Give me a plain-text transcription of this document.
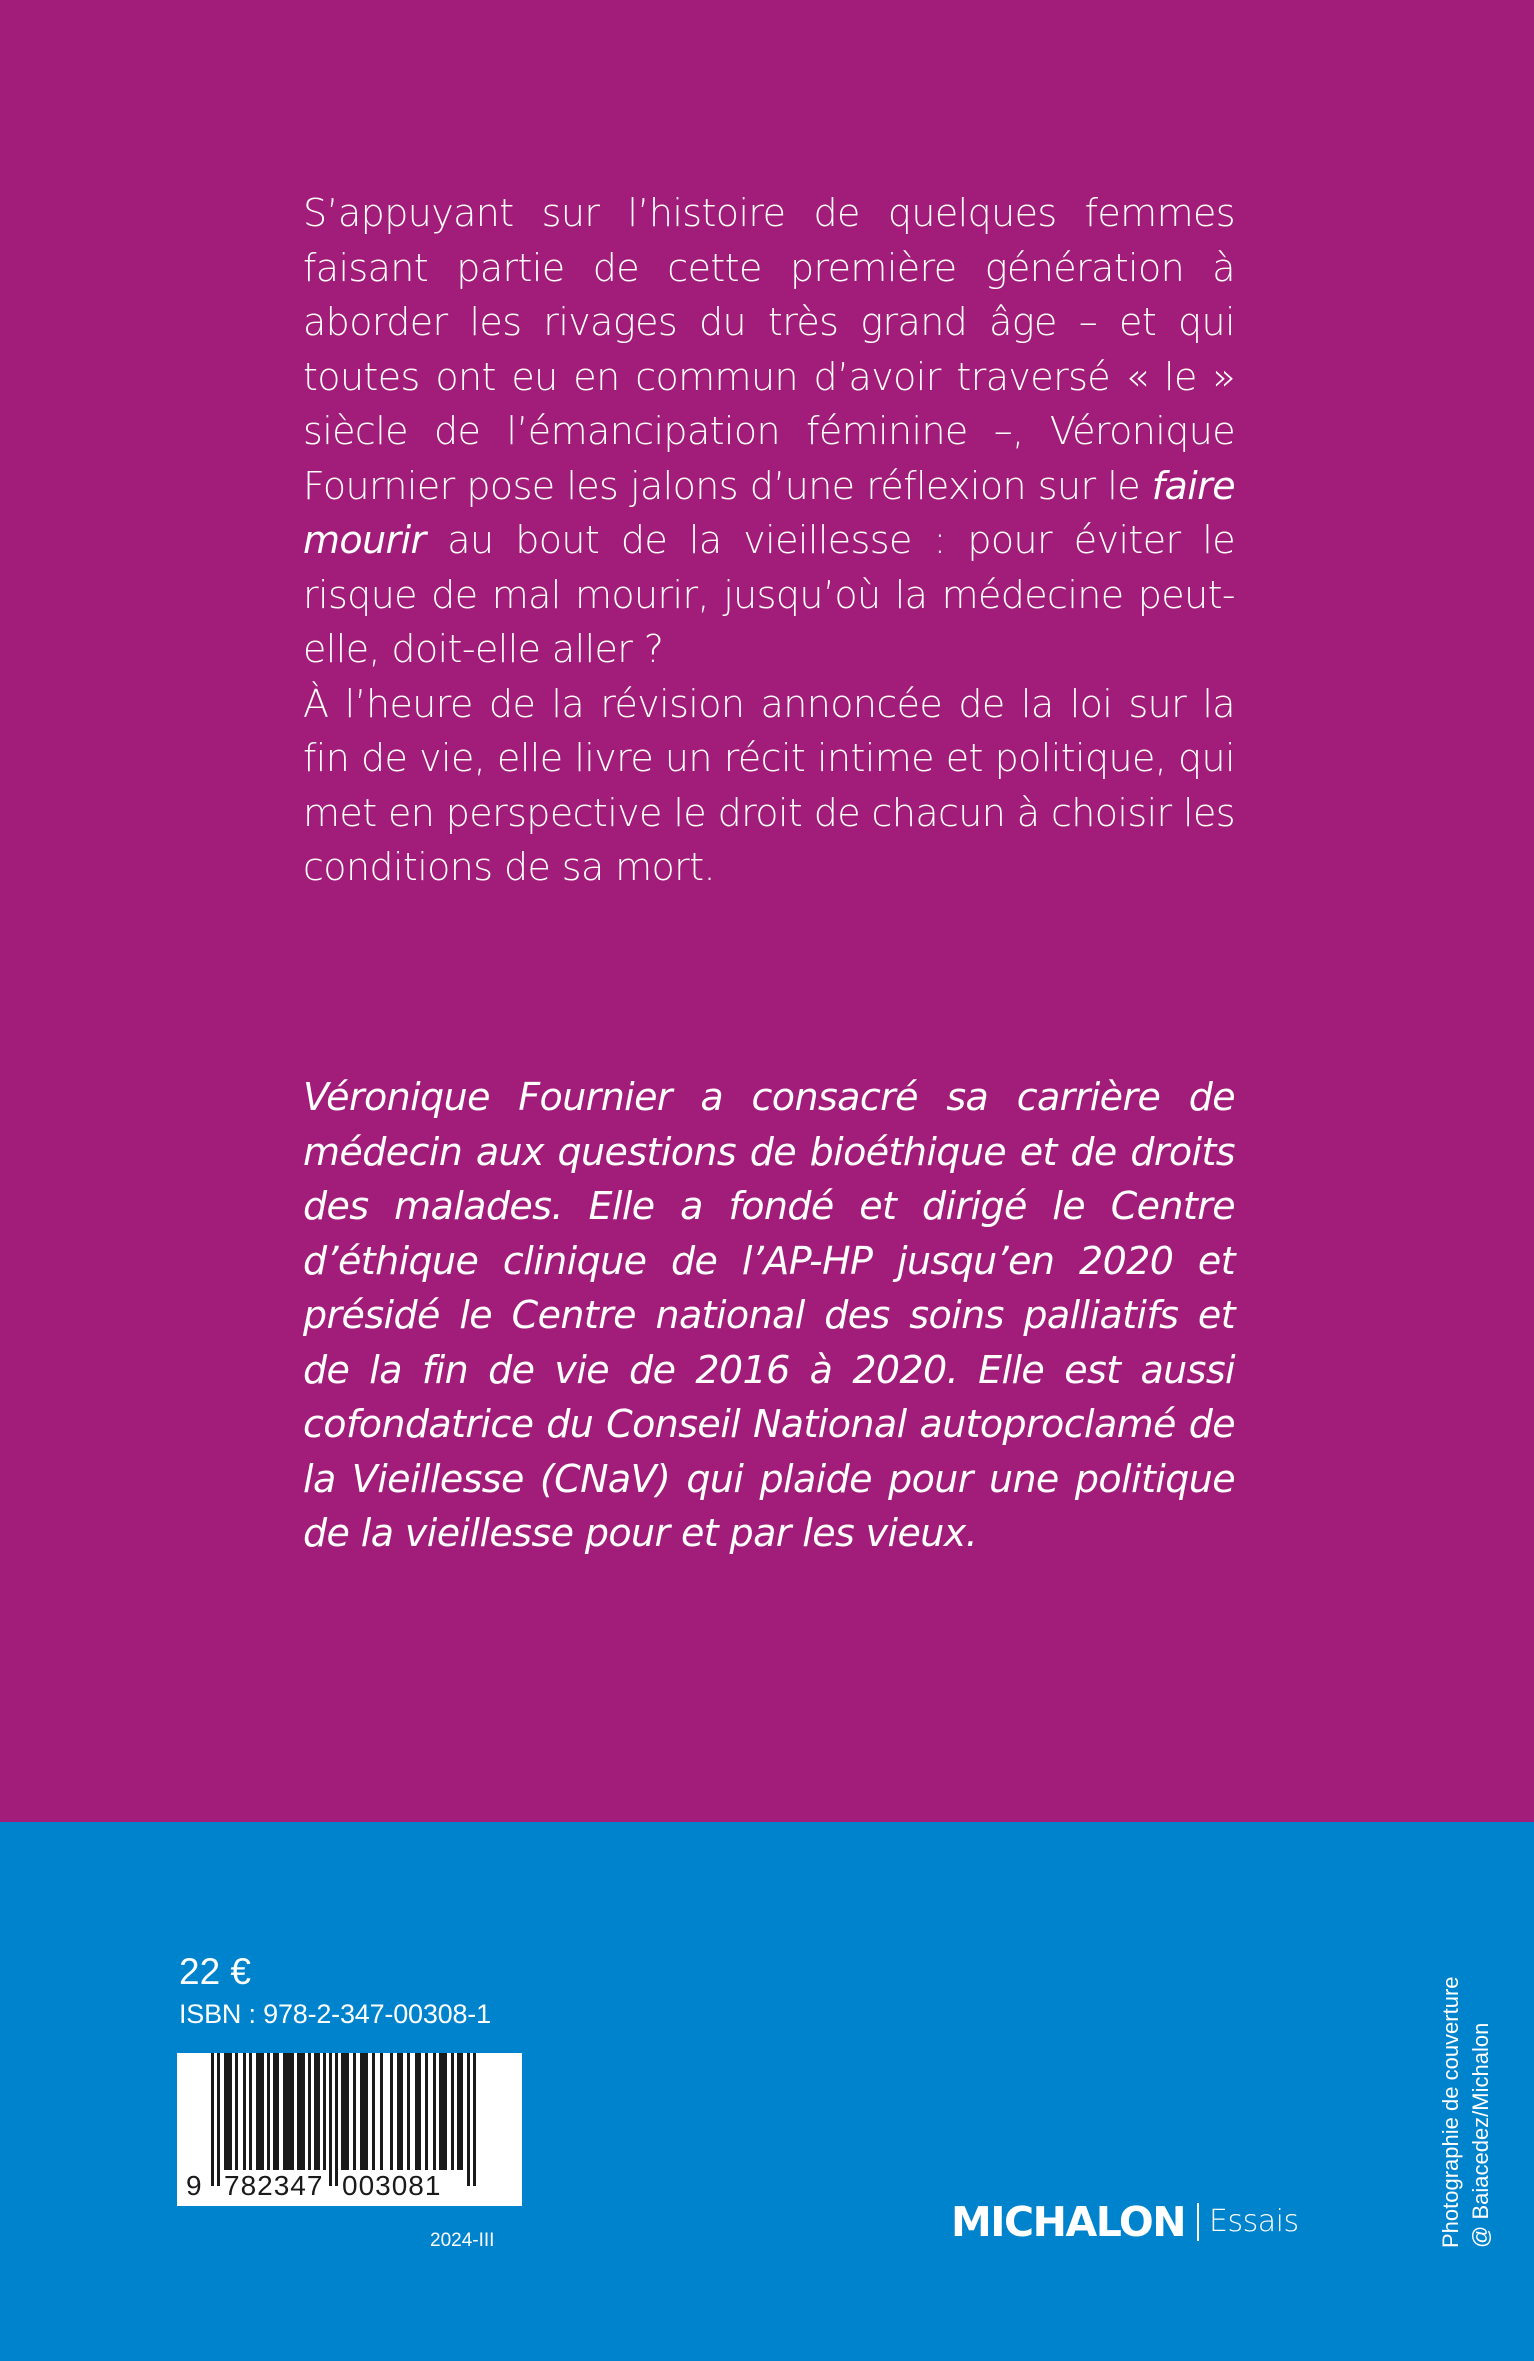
S’appuyant sur l’histoire de quelques femmes faisant partie de cette première génération à aborder les rivages du très grand âge – et qui toutes ont eu en commun d’avoir traversé « le » siècle de l’émancipation féminine –, Véronique Fournier pose les jalons d’une réflexion sur le faire mourir au bout de la vieillesse : pour éviter le risque de mal mourir, jusqu’où la médecine peut-elle, doit-elle aller ?

À l’heure de la révision annoncée de la loi sur la fin de vie, elle livre un récit intime et politique, qui met en perspective le droit de chacun à choisir les conditions de sa mort.

Véronique Fournier a consacré sa carrière de médecin aux questions de bioéthique et de droits des malades. Elle a fondé et dirigé le Centre d’éthique clinique de l’AP-HP jusqu’en 2020 et présidé le Centre national des soins palliatifs et de la fin de vie de 2016 à 2020. Elle est aussi cofondatrice du Conseil National autoproclamé de la Vieillesse (CNaV) qui plaide pour une politique de la vieillesse pour et par les vieux.

22 €
ISBN : 978-2-347-00308-1
9 782347 003081
2024-III	MICHALON Essais	Photographie de couverture @ Baiacedez/Michalon
